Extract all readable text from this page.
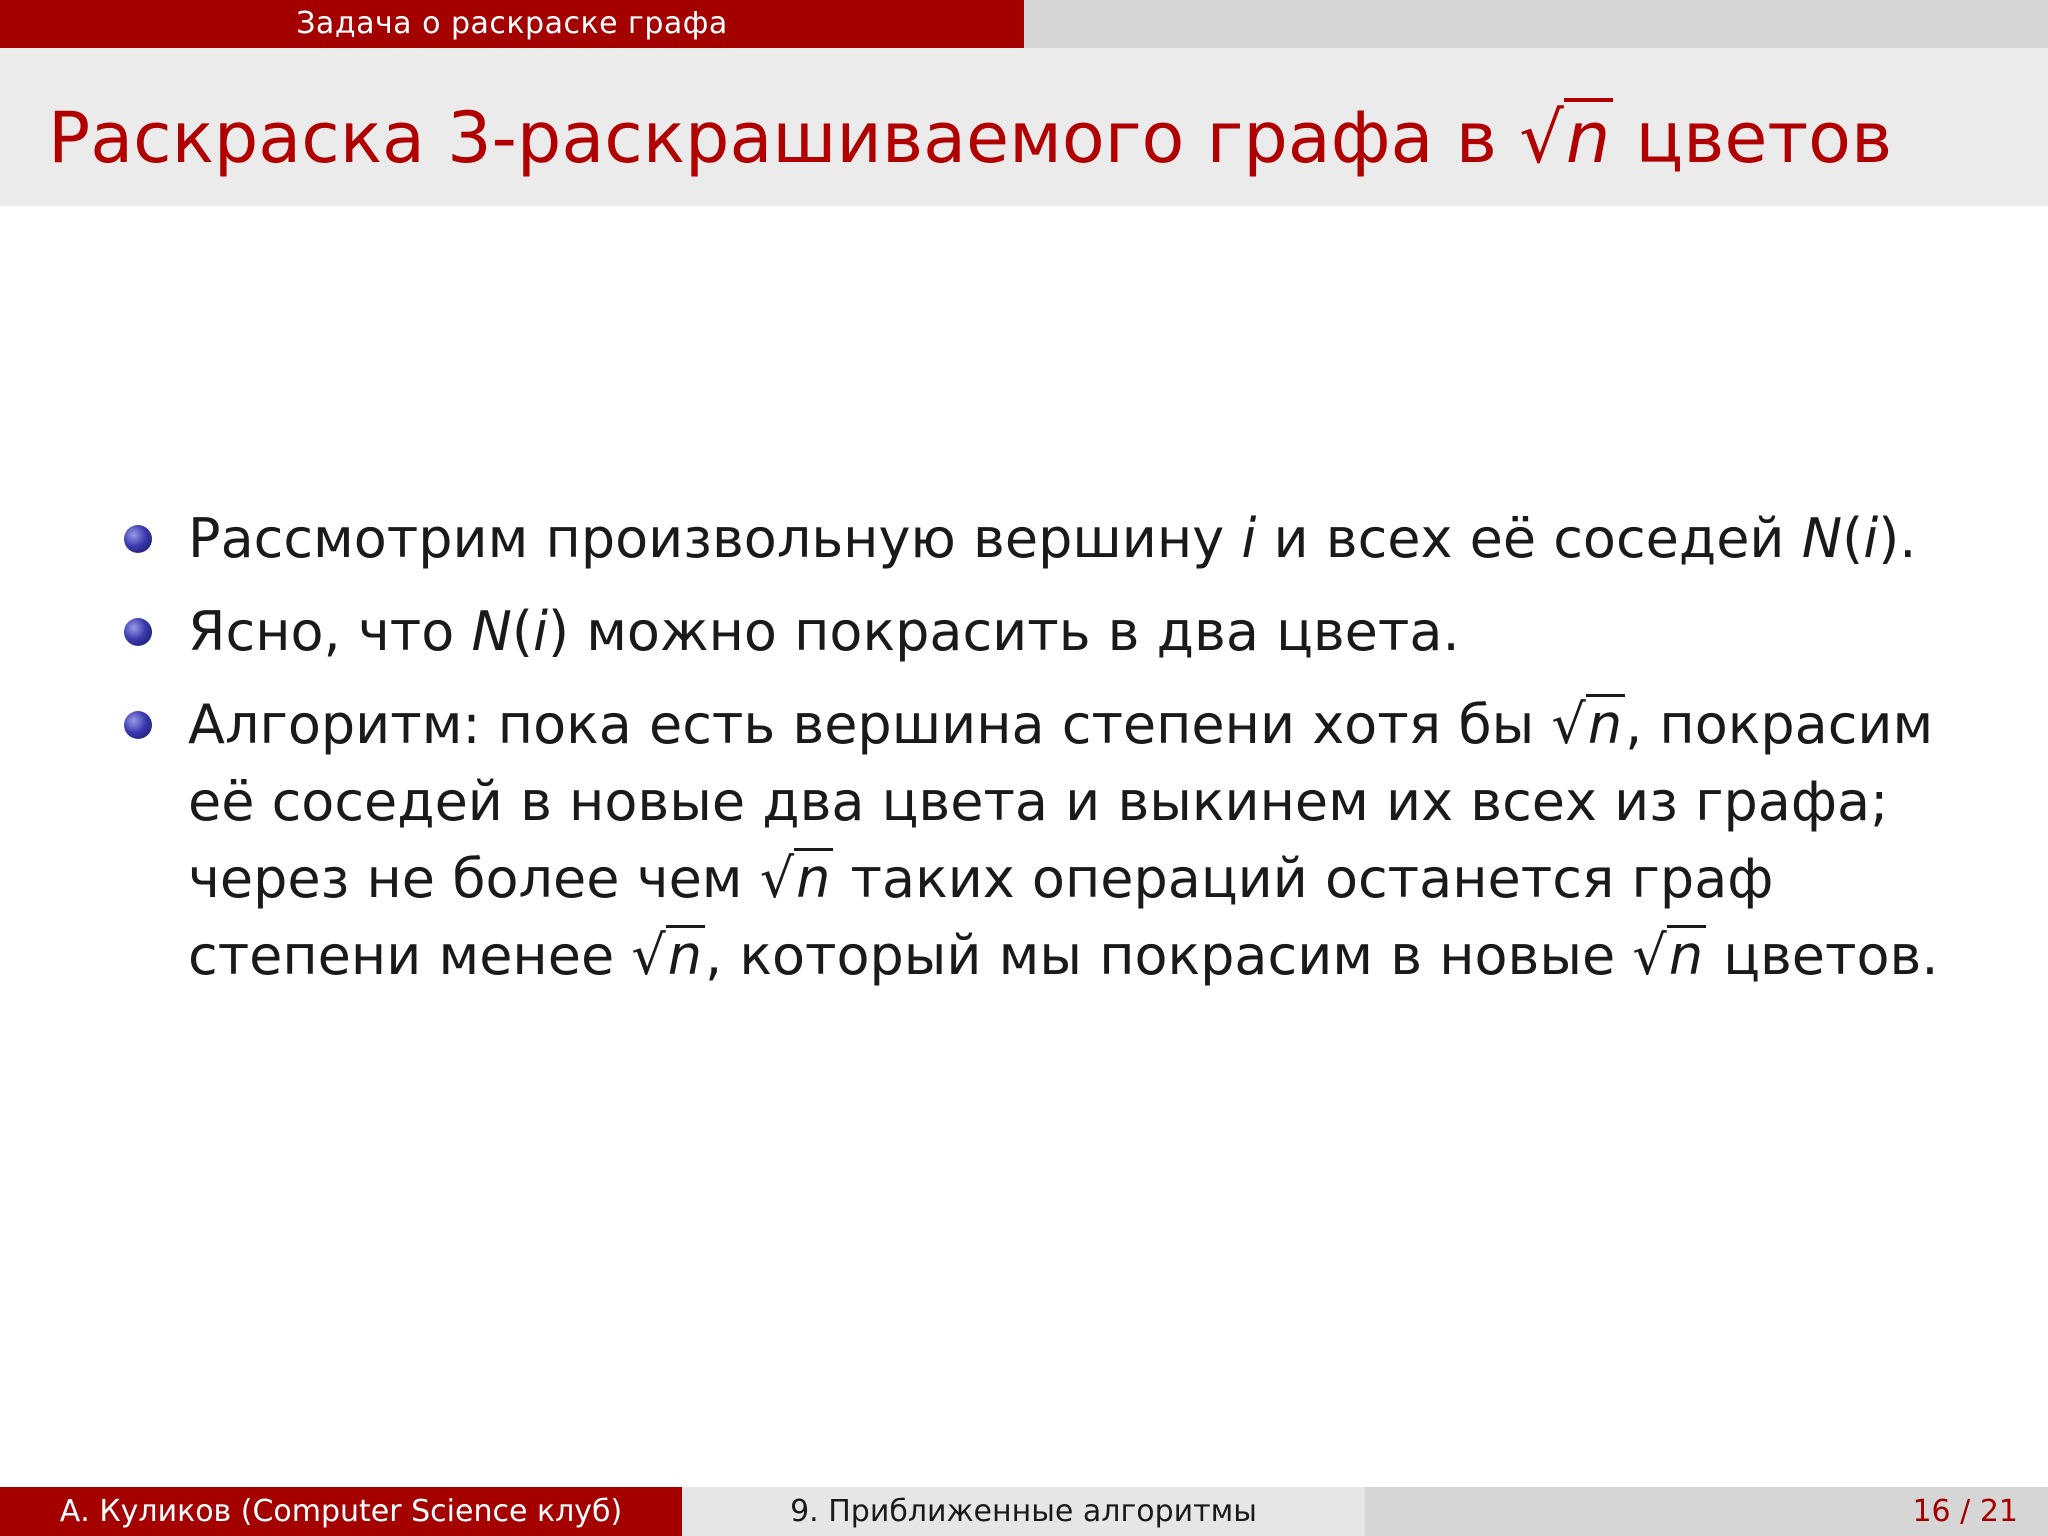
Задача о раскраске графа
Раскраска 3-раскрашиваемого графа в √n цветов
Рассмотрим произвольную вершину i и всех её соседей N(i).
Ясно, что N(i) можно покрасить в два цвета.
Алгоритм: пока есть вершина степени хотя бы √n, покрасим её соседей в новые два цвета и выкинем их всех из графа; через не более чем √n таких операций останется граф степени менее √n, который мы покрасим в новые √n цветов.
А. Куликов (Computer Science клуб)	9. Приближенные алгоритмы	16 / 21
